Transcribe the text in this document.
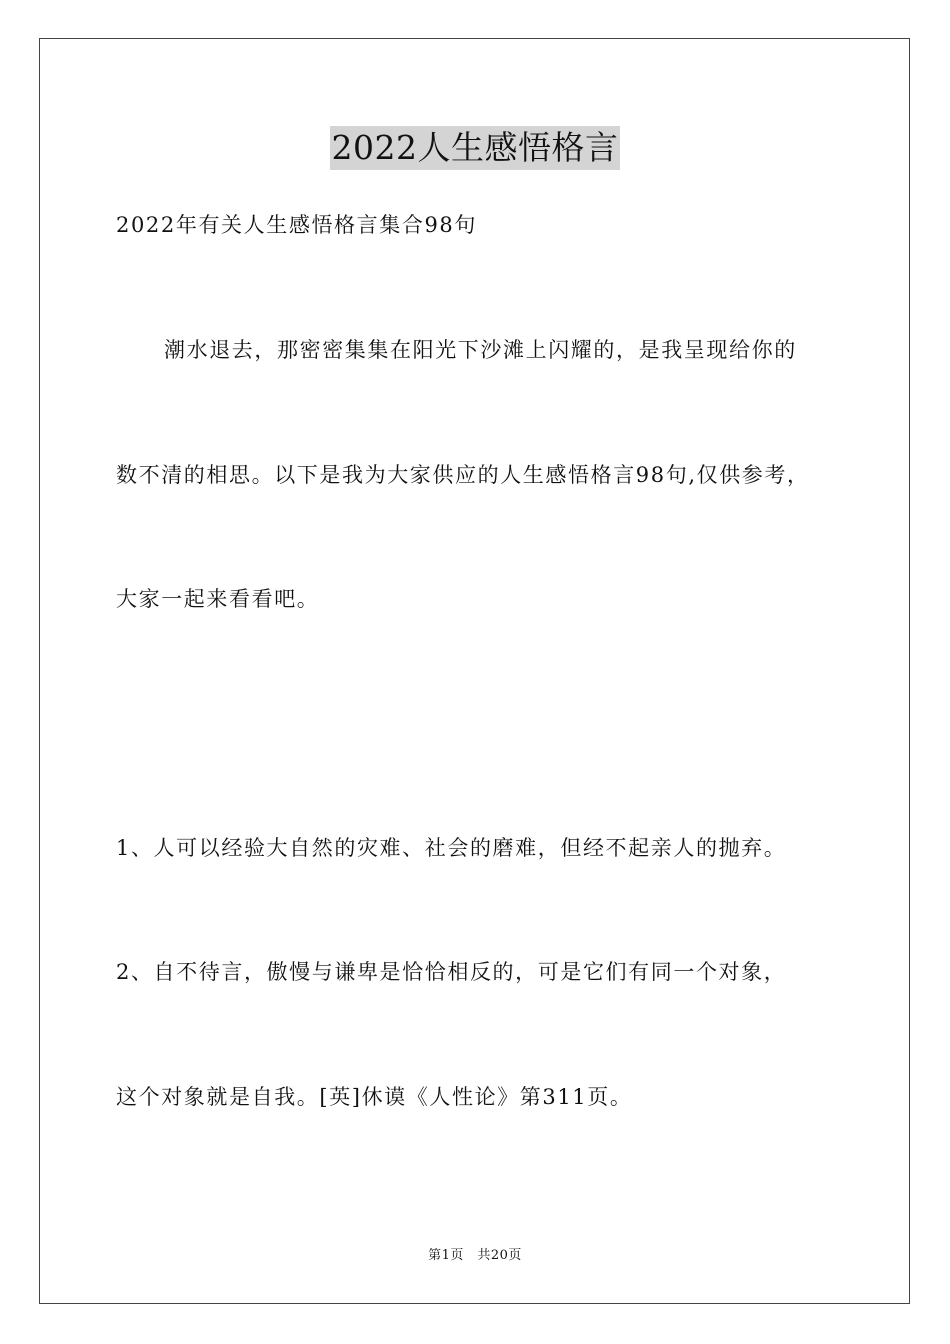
2022人生感悟格言
2022年有关人生感悟格言集合98句
潮水退去，那密密集集在阳光下沙滩上闪耀的，是我呈现给你的
数不清的相思。以下是我为大家供应的人生感悟格言98句,仅供参考，
大家一起来看看吧。
1、人可以经验大自然的灾难、社会的磨难，但经不起亲人的抛弃。
2、自不待言，傲慢与谦卑是恰恰相反的，可是它们有同一个对象，
这个对象就是自我。[英]休谟《人性论》第311页。
第1页　共20页
